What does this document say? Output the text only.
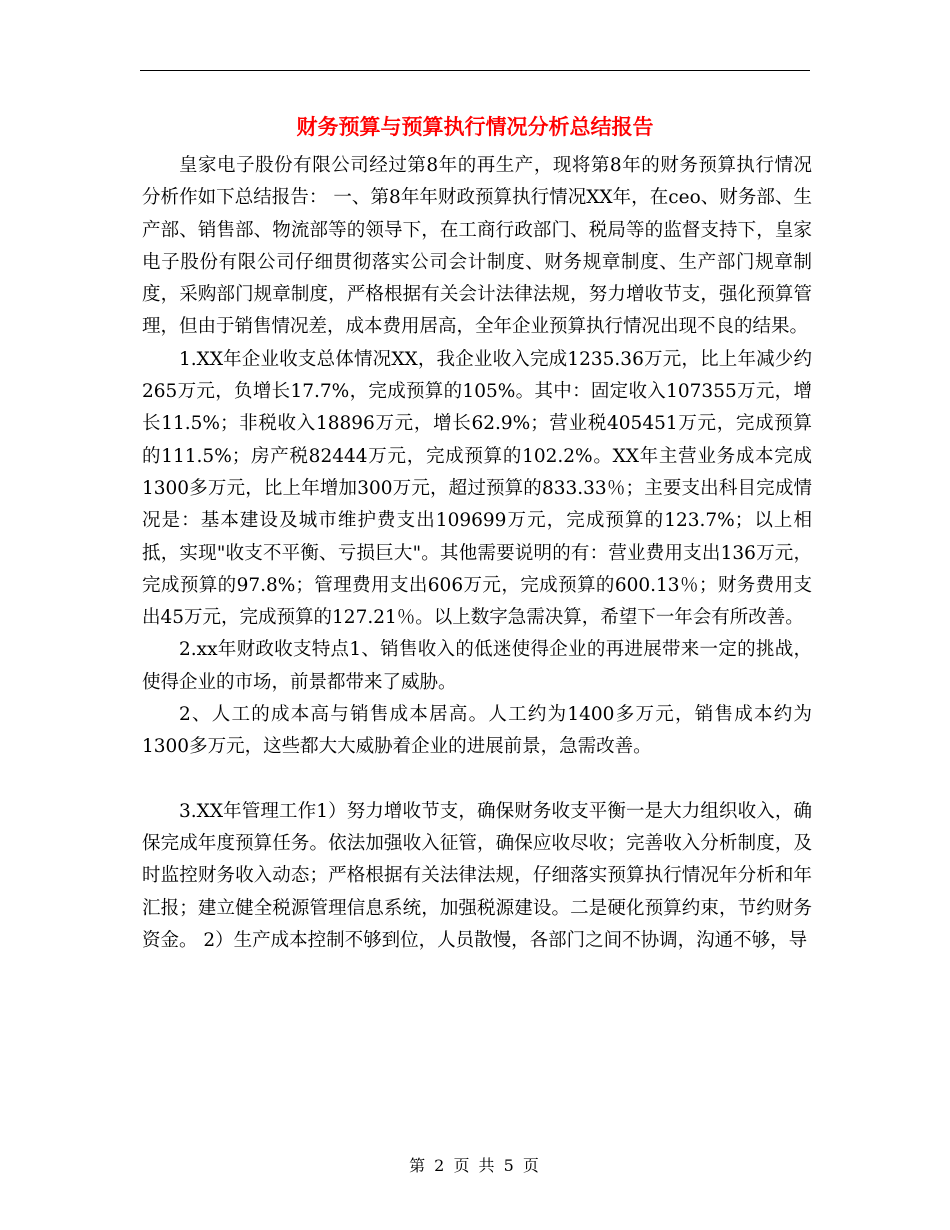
财务预算与预算执行情况分析总结报告

皇家电子股份有限公司经过第8年的再生产，现将第8年的财务预算执行情况分析作如下总结报告： 一、第8年年财政预算执行情况XX年，在ceo、财务部、生产部、销售部、物流部等的领导下，在工商行政部门、税局等的监督支持下，皇家电子股份有限公司仔细贯彻落实公司会计制度、财务规章制度、生产部门规章制度，采购部门规章制度，严格根据有关会计法律法规，努力增收节支，强化预算管理，但由于销售情况差，成本费用居高，全年企业预算执行情况出现不良的结果。

1.XX年企业收支总体情况XX，我企业收入完成1235.36万元，比上年减少约265万元，负增长17.7%，完成预算的105%。其中：固定收入107355万元，增长11.5%；非税收入18896万元，增长62.9%；营业税405451万元，完成预算的111.5%；房产税82444万元，完成预算的102.2%。XX年主营业务成本完成1300多万元，比上年增加300万元，超过预算的833.33％；主要支出科目完成情况是：基本建设及城市维护费支出109699万元，完成预算的123.7%；以上相抵，实现"收支不平衡、亏损巨大"。其他需要说明的有：营业费用支出136万元，完成预算的97.8%；管理费用支出606万元，完成预算的600.13％；财务费用支出45万元，完成预算的127.21％。以上数字急需决算，希望下一年会有所改善。

2.xx年财政收支特点1、销售收入的低迷使得企业的再进展带来一定的挑战，使得企业的市场，前景都带来了威胁。

2、人工的成本高与销售成本居高。人工约为1400多万元，销售成本约为1300多万元，这些都大大威胁着企业的进展前景，急需改善。

3.XX年管理工作1）努力增收节支，确保财务收支平衡一是大力组织收入，确保完成年度预算任务。依法加强收入征管，确保应收尽收；完善收入分析制度，及时监控财务收入动态；严格根据有关法律法规，仔细落实预算执行情况年分析和年汇报；建立健全税源管理信息系统，加强税源建设。二是硬化预算约束，节约财务资金。 2）生产成本控制不够到位，人员散慢，各部门之间不协调，沟通不够，导

第 2 页 共 5 页
